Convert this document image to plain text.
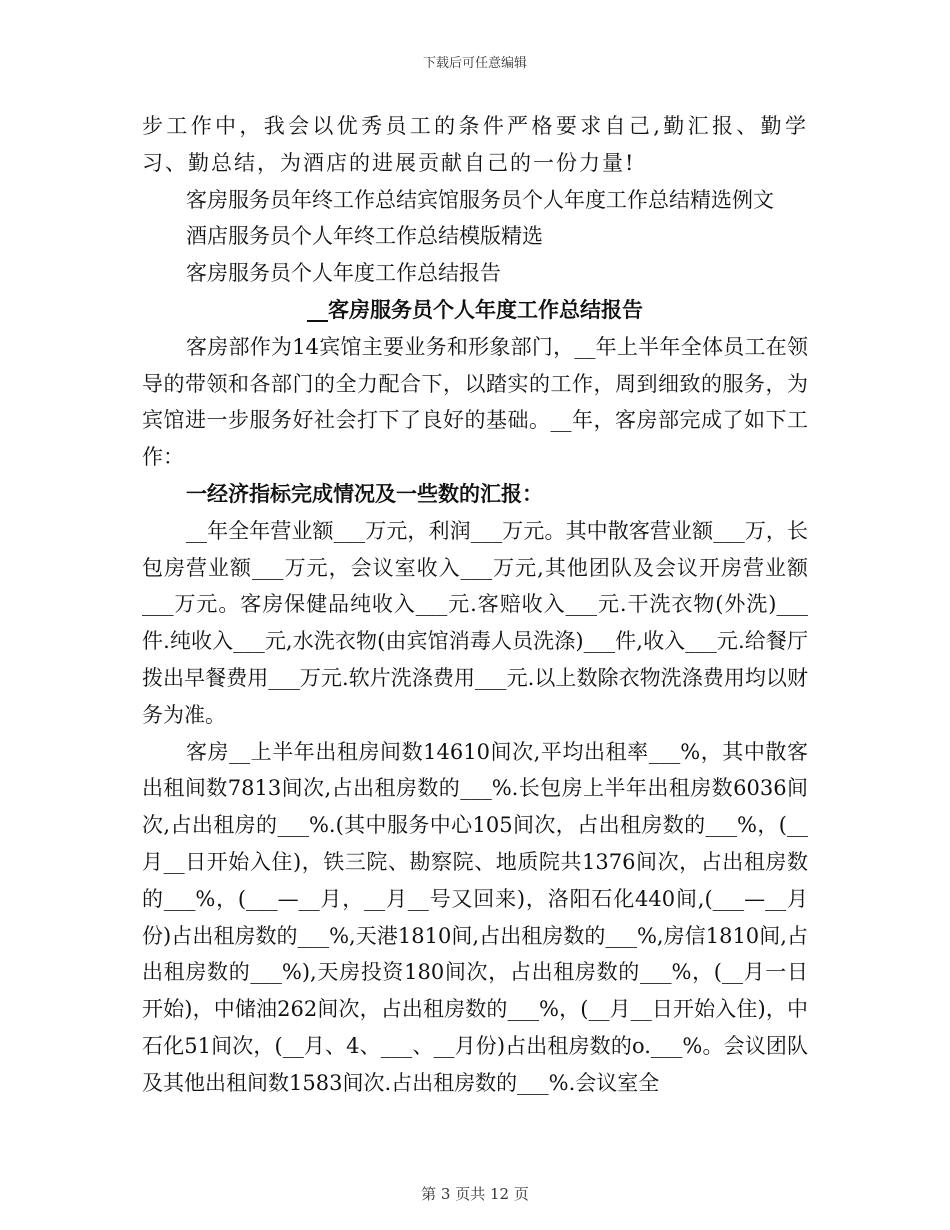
下载后可任意编辑

步工作中，我会以优秀员工的条件严格要求自己,勤汇报、勤学习、勤总结，为酒店的进展贡献自己的一份力量!

客房服务员年终工作总结宾馆服务员个人年度工作总结精选例文

酒店服务员个人年终工作总结模版精选

客房服务员个人年度工作总结报告

__客房服务员个人年度工作总结报告

客房部作为14宾馆主要业务和形象部门，__年上半年全体员工在领导的带领和各部门的全力配合下，以踏实的工作，周到细致的服务，为宾馆进一步服务好社会打下了良好的基础。__年，客房部完成了如下工作：

一经济指标完成情况及一些数的汇报：

__年全年营业额___万元，利润___万元。其中散客营业额___万，长包房营业额___万元，会议室收入___万元,其他团队及会议开房营业额___万元。客房保健品纯收入___元.客赔收入___元.干洗衣物(外洗)___件.纯收入___元,水洗衣物(由宾馆消毒人员洗涤)___件,收入___元.给餐厅拨出早餐费用___万元.软片洗涤费用___元.以上数除衣物洗涤费用均以财务为准。

客房__上半年出租房间数14610间次,平均出租率___%，其中散客出租间数7813间次,占出租房数的___%.长包房上半年出租房数6036间次,占出租房的___%.(其中服务中心105间次，占出租房数的___%，(__月__日开始入住)，铁三院、勘察院、地质院共1376间次，占出租房数的___%，(___—__月，__月__号又回来)，洛阳石化440间,(___—__月份)占出租房数的___%,天港1810间,占出租房数的___%,房信1810间,占出租房数的___%),天房投资180间次，占出租房数的___%，(__月一日开始)，中储油262间次，占出租房数的___%，(__月__日开始入住)，中石化51间次，(__月、4、___、__月份)占出租房数的o.___%。会议团队及其他出租间数1583间次.占出租房数的___%.会议室全

第 3 页共 12 页
